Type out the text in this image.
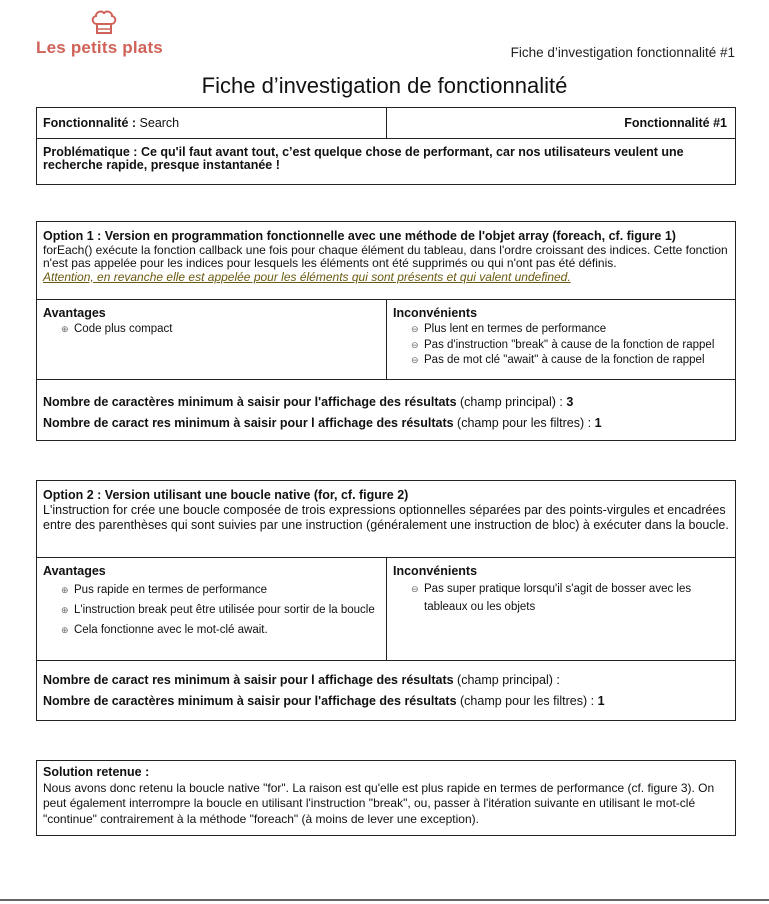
Les petits plats	Fiche d’investigation fonctionnalité #1
Fiche d’investigation de fonctionnalité
Fonctionnalité : Search	Fonctionnalité #1
Problématique : Ce qu'il faut avant tout, c’est quelque chose de performant, car nos utilisateurs veulent une recherche rapide, presque instantanée !
Option 1 : Version en programmation fonctionnelle avec une méthode de l'objet array (foreach, cf. figure 1)
forEach() exécute la fonction callback une fois pour chaque élément du tableau, dans l'ordre croissant des indices. Cette fonction n'est pas appelée pour les indices pour lesquels les éléments ont été supprimés ou qui n'ont pas été définis.
Attention, en revanche elle est appelée pour les éléments qui sont présents et qui valent undefined.
Avantages
⊕ Code plus compact
Inconvénients
⊖ Plus lent en termes de performance
⊖ Pas d'instruction "break" à cause de la fonction de rappel
⊖ Pas de mot clé "await" à cause de la fonction de rappel
Nombre de caractères minimum à saisir pour l'affichage des résultats (champ principal) : 3
Nombre de caract res minimum à saisir pour l affichage des résultats (champ pour les filtres) : 1
Option 2 : Version utilisant une boucle native (for, cf. figure 2)
L'instruction for crée une boucle composée de trois expressions optionnelles séparées par des points-virgules et encadrées entre des parenthèses qui sont suivies par une instruction (généralement une instruction de bloc) à exécuter dans la boucle.
Avantages
⊕ Pus rapide en termes de performance
⊕ L'instruction break peut être utilisée pour sortir de la boucle
⊕ Cela fonctionne avec le mot-clé await.
Inconvénients
⊖ Pas super pratique lorsqu'il s'agit de bosser avec les tableaux ou les objets
Nombre de caract res minimum à saisir pour l affichage des résultats (champ principal) :
Nombre de caractères minimum à saisir pour l'affichage des résultats (champ pour les filtres) : 1
Solution retenue :
Nous avons donc retenu la boucle native "for". La raison est qu'elle est plus rapide en termes de performance (cf. figure 3). On peut également interrompre la boucle en utilisant l'instruction "break", ou, passer à l'itération suivante en utilisant le mot-clé "continue" contrairement à la méthode "foreach" (à moins de lever une exception).
